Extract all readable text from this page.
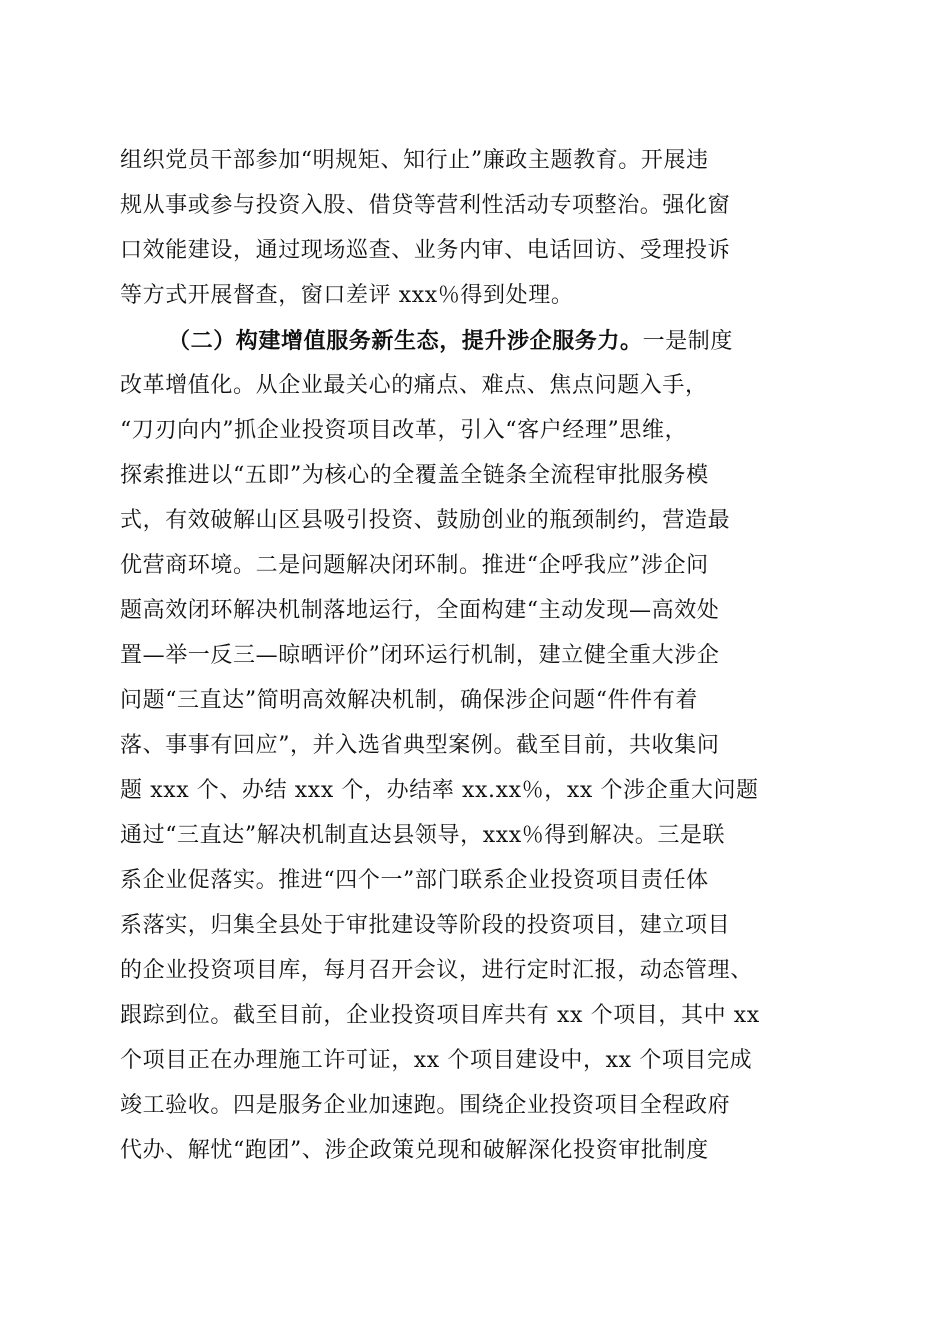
组织党员干部参加“明规矩、知行止”廉政主题教育。开展违
规从事或参与投资入股、借贷等营利性活动专项整治。强化窗
口效能建设，通过现场巡查、业务内审、电话回访、受理投诉
等方式开展督查，窗口差评 xxx％得到处理。
（二）构建增值服务新生态，提升涉企服务力。一是制度
改革增值化。从企业最关心的痛点、难点、焦点问题入手，
“刀刃向内”抓企业投资项目改革，引入“客户经理”思维，
探索推进以“五即”为核心的全覆盖全链条全流程审批服务模
式，有效破解山区县吸引投资、鼓励创业的瓶颈制约，营造最
优营商环境。二是问题解决闭环制。推进“企呼我应”涉企问
题高效闭环解决机制落地运行，全面构建“主动发现—高效处
置—举一反三—晾晒评价”闭环运行机制，建立健全重大涉企
问题“三直达”简明高效解决机制，确保涉企问题“件件有着
落、事事有回应”，并入选省典型案例。截至目前，共收集问
题 xxx 个、办结 xxx 个，办结率 xx.xx％，xx 个涉企重大问题
通过“三直达”解决机制直达县领导，xxx％得到解决。三是联
系企业促落实。推进“四个一”部门联系企业投资项目责任体
系落实，归集全县处于审批建设等阶段的投资项目，建立项目
的企业投资项目库，每月召开会议，进行定时汇报，动态管理、
跟踪到位。截至目前，企业投资项目库共有 xx 个项目，其中 xx
个项目正在办理施工许可证，xx 个项目建设中，xx 个项目完成
竣工验收。四是服务企业加速跑。围绕企业投资项目全程政府
代办、解忧“跑团”、涉企政策兑现和破解深化投资审批制度
